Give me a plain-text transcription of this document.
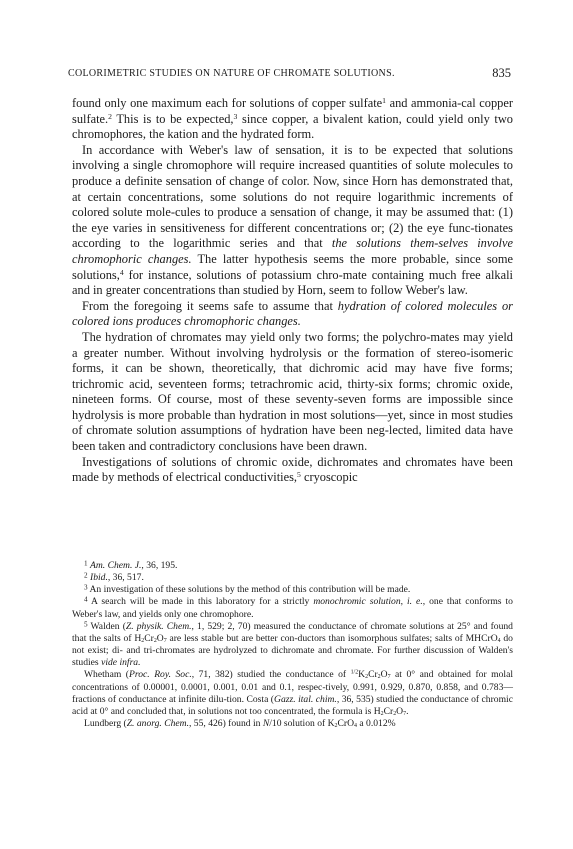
COLORIMETRIC STUDIES ON NATURE OF CHROMATE SOLUTIONS.	835

found only one maximum each for solutions of copper sulfate$^1$ and ammonia-cal copper sulfate.$^2$ This is to be expected,$^3$ since copper, a bivalent kation, could yield only two chromophores, the kation and the hydrated form.

In accordance with Weber's law of sensation, it is to be expected that solutions involving a single chromophore will require increased quantities of solute molecules to produce a definite sensation of change of color. Now, since Horn has demonstrated that, at certain concentrations, some solutions do not require logarithmic increments of colored solute mole-cules to produce a sensation of change, it may be assumed that: (1) the eye varies in sensitiveness for different concentrations or; (2) the eye func-tionates according to the logarithmic series and that the solutions them-selves involve chromophoric changes. The latter hypothesis seems the more probable, since some solutions,$^4$ for instance, solutions of potassium chro-mate containing much free alkali and in greater concentrations than studied by Horn, seem to follow Weber's law.

From the foregoing it seems safe to assume that hydration of colored molecules or colored ions produces chromophoric changes.

The hydration of chromates may yield only two forms; the polychro-mates may yield a greater number. Without involving hydrolysis or the formation of stereo-isomeric forms, it can be shown, theoretically, that dichromic acid may have five forms; trichromic acid, seventeen forms; tetrachromic acid, thirty-six forms; chromic oxide, nineteen forms. Of course, most of these seventy-seven forms are impossible since hydrolysis is more probable than hydration in most solutions—yet, since in most studies of chromate solution assumptions of hydration have been neg-lected, limited data have been taken and contradictory conclusions have been drawn.

Investigations of solutions of chromic oxide, dichromates and chromates have been made by methods of electrical conductivities,$^5$ cryoscopic

$^1$ Am. Chem. J., 36, 195.

$^2$ Ibid., 36, 517.

$^3$ An investigation of these solutions by the method of this contribution will be made.

$^4$ A search will be made in this laboratory for a strictly monochromic solution, i. e., one that conforms to Weber's law, and yields only one chromophore.

$^5$ Walden (Z. physik. Chem., 1, 529; 2, 70) measured the conductance of chromate solutions at 25° and found that the salts of $H_2Cr_2O_7$ are less stable but are better con-ductors than isomorphous sulfates; salts of MHCrO$_4$ do not exist; di- and tri-chromates are hydrolyzed to dichromate and chromate. For further discussion of Walden's studies vide infra.

Whetham (Proc. Roy. Soc., 71, 382) studied the conductance of $^{1/2}K_2Cr_2O_7$ at 0° and obtained for molal concentrations of 0.00001, 0.0001, 0.001, 0.01 and 0.1, respec-tively, 0.991, 0.929, 0.870, 0.858, and 0.783—fractions of conductance at infinite dilu-tion. Costa (Gazz. ital. chim., 36, 535) studied the conductance of chromic acid at 0° and concluded that, in solutions not too concentrated, the formula is $H_2Cr_2O_7$.

Lundberg (Z. anorg. Chem., 55, 426) found in N/10 solution of $K_2CrO_4$ a 0.012%
